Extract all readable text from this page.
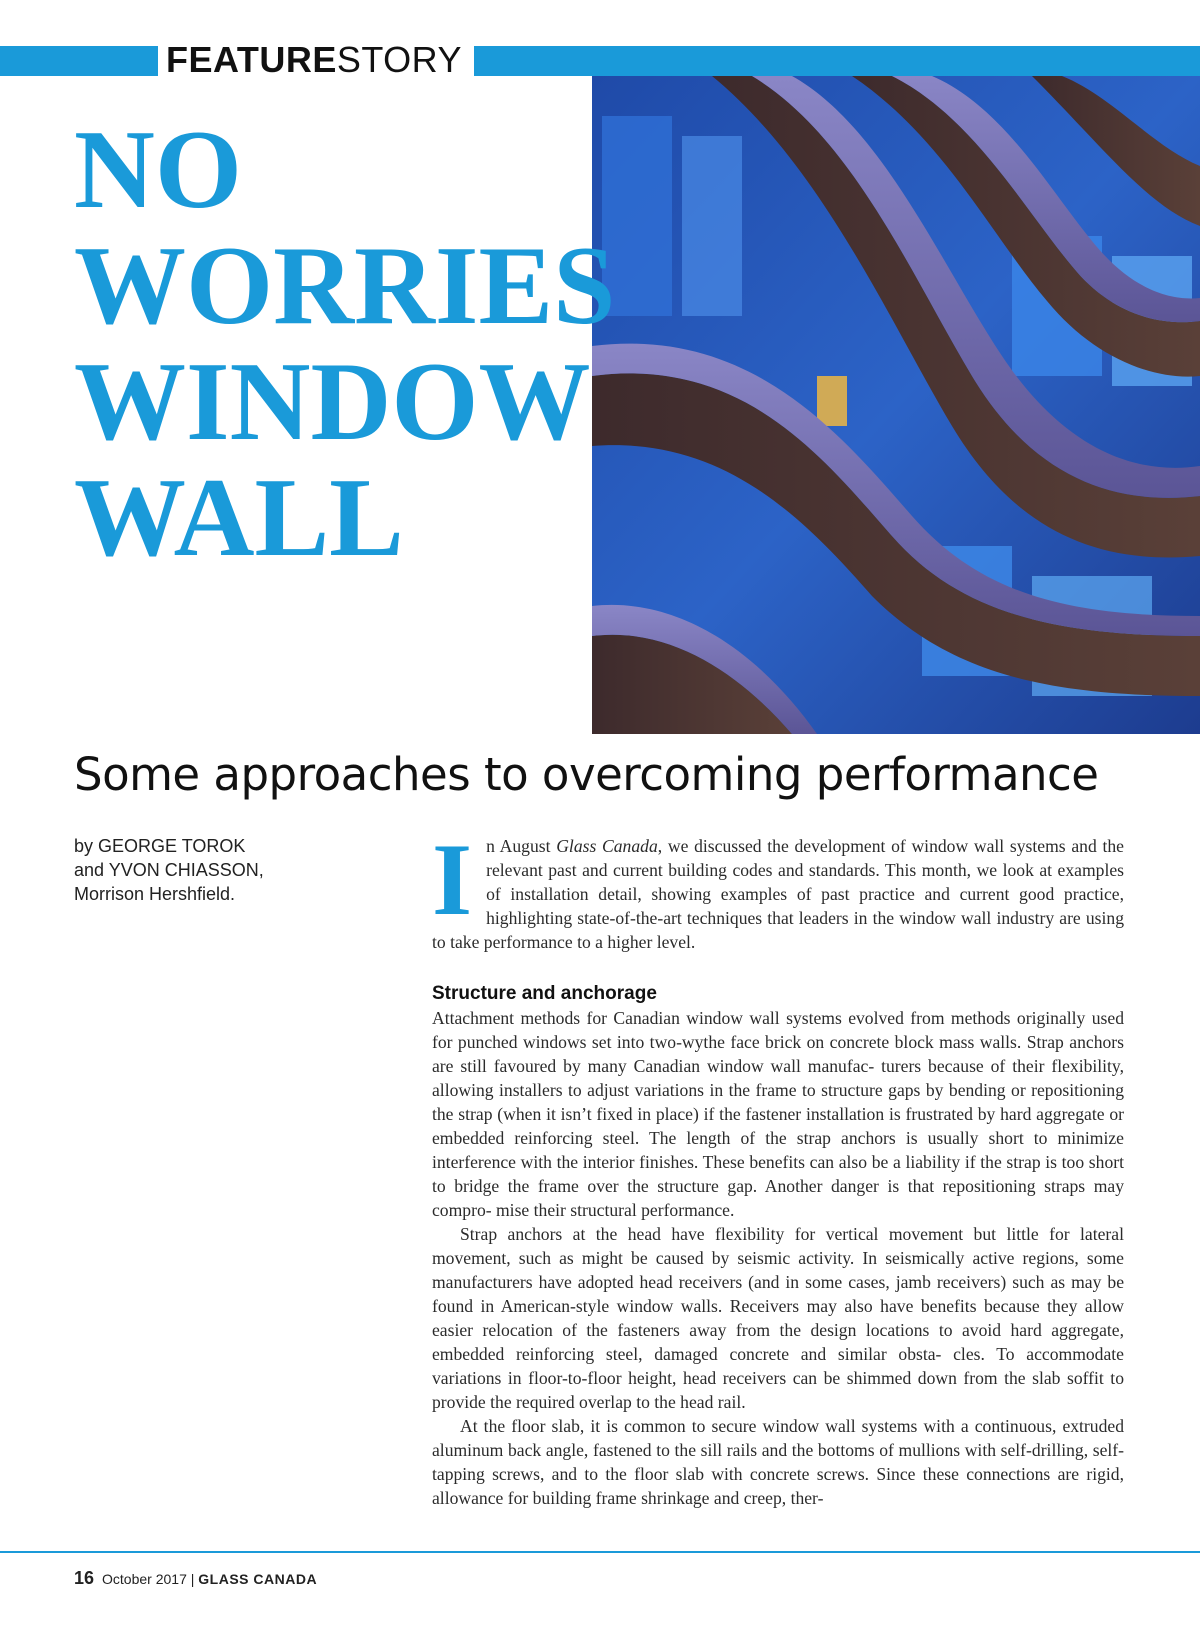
FEATURESTORY
NO
WORRIES
WINDOW
WALL
Some approaches to overcoming performance
by GEORGE TOROK
and YVON CHIASSON,
Morrison Hershfield.	In August Glass Canada, we discussed the development of window wall systems and the relevant past and current building codes and standards. This month, we look at examples of installation detail, showing examples of past practice and current good practice, highlighting state-of-the-art techniques that leaders in the window wall industry are using to take performance to a higher level.

Structure and anchorage

Attachment methods for Canadian window wall systems evolved from methods originally used for punched windows set into two-wythe face brick on concrete block mass walls. Strap anchors are still favoured by many Canadian window wall manufac- turers because of their flexibility, allowing installers to adjust variations in the frame to structure gaps by bending or repositioning the strap (when it isn’t fixed in place) if the fastener installation is frustrated by hard aggregate or embedded reinforcing steel. The length of the strap anchors is usually short to minimize interference with the interior finishes. These benefits can also be a liability if the strap is too short to bridge the frame over the structure gap. Another danger is that repositioning straps may compro- mise their structural performance.

Strap anchors at the head have flexibility for vertical movement but little for lateral movement, such as might be caused by seismic activity. In seismically active regions, some manufacturers have adopted head receivers (and in some cases, jamb receivers) such as may be found in American-style window walls. Receivers may also have benefits because they allow easier relocation of the fasteners away from the design locations to avoid hard aggregate, embedded reinforcing steel, damaged concrete and similar obsta- cles. To accommodate variations in floor-to-floor height, head receivers can be shimmed down from the slab soffit to provide the required overlap to the head rail.

At the floor slab, it is common to secure window wall systems with a continuous, extruded aluminum back angle, fastened to the sill rails and the bottoms of mullions with self-drilling, self-tapping screws, and to the floor slab with concrete screws. Since these connections are rigid, allowance for building frame shrinkage and creep, ther-

16 October 2017 | GLASS CANADA
